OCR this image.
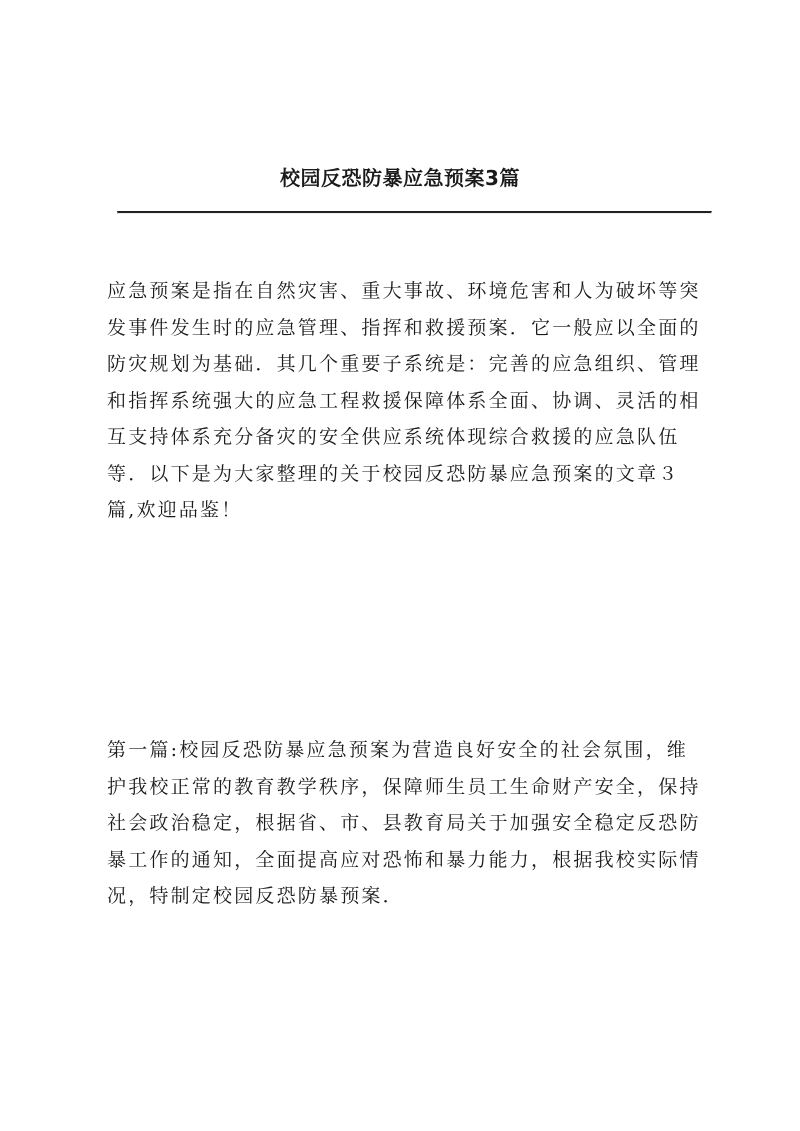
校园反恐防暴应急预案3篇

应急预案是指在自然灾害、重大事故、环境危害和人为破坏等突发事件发生时的应急管理、指挥和救援预案．它一般应以全面的防灾规划为基础．其几个重要子系统是：完善的应急组织、管理和指挥系统强大的应急工程救援保障体系全面、协调、灵活的相互支持体系充分备灾的安全供应系统体现综合救援的应急队伍等．以下是为大家整理的关于校园反恐防暴应急预案的文章３篇,欢迎品鉴！

第一篇:校园反恐防暴应急预案为营造良好安全的社会氛围，维护我校正常的教育教学秩序，保障师生员工生命财产安全，保持社会政治稳定，根据省、市、县教育局关于加强安全稳定反恐防暴工作的通知，全面提高应对恐怖和暴力能力，根据我校实际情况，特制定校园反恐防暴预案．
